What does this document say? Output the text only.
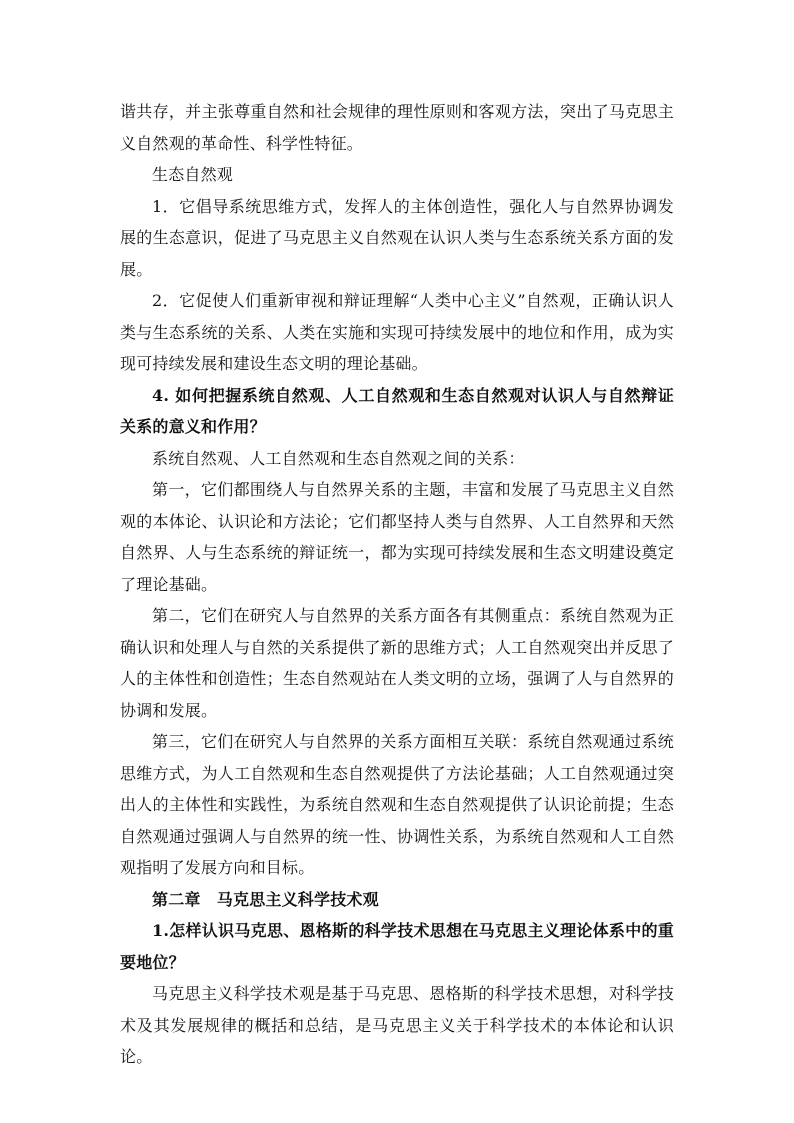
谐共存，并主张尊重自然和社会规律的理性原则和客观方法，突出了马克思主义自然观的革命性、科学性特征。

生态自然观

1．它倡导系统思维方式，发挥人的主体创造性，强化人与自然界协调发展的生态意识，促进了马克思主义自然观在认识人类与生态系统关系方面的发展。

2．它促使人们重新审视和辩证理解“人类中心主义”自然观，正确认识人类与生态系统的关系、人类在实施和实现可持续发展中的地位和作用，成为实现可持续发展和建设生态文明的理论基础。

4. 如何把握系统自然观、人工自然观和生态自然观对认识人与自然辩证关系的意义和作用？

系统自然观、人工自然观和生态自然观之间的关系：

第一，它们都围绕人与自然界关系的主题，丰富和发展了马克思主义自然观的本体论、认识论和方法论；它们都坚持人类与自然界、人工自然界和天然自然界、人与生态系统的辩证统一，都为实现可持续发展和生态文明建设奠定了理论基础。

第二，它们在研究人与自然界的关系方面各有其侧重点：系统自然观为正确认识和处理人与自然的关系提供了新的思维方式；人工自然观突出并反思了人的主体性和创造性；生态自然观站在人类文明的立场，强调了人与自然界的协调和发展。

第三，它们在研究人与自然界的关系方面相互关联：系统自然观通过系统思维方式，为人工自然观和生态自然观提供了方法论基础；人工自然观通过突出人的主体性和实践性，为系统自然观和生态自然观提供了认识论前提；生态自然观通过强调人与自然界的统一性、协调性关系，为系统自然观和人工自然观指明了发展方向和目标。

第二章　马克思主义科学技术观

1.怎样认识马克思、恩格斯的科学技术思想在马克思主义理论体系中的重要地位？

马克思主义科学技术观是基于马克思、恩格斯的科学技术思想，对科学技术及其发展规律的概括和总结，是马克思主义关于科学技术的本体论和认识论。
